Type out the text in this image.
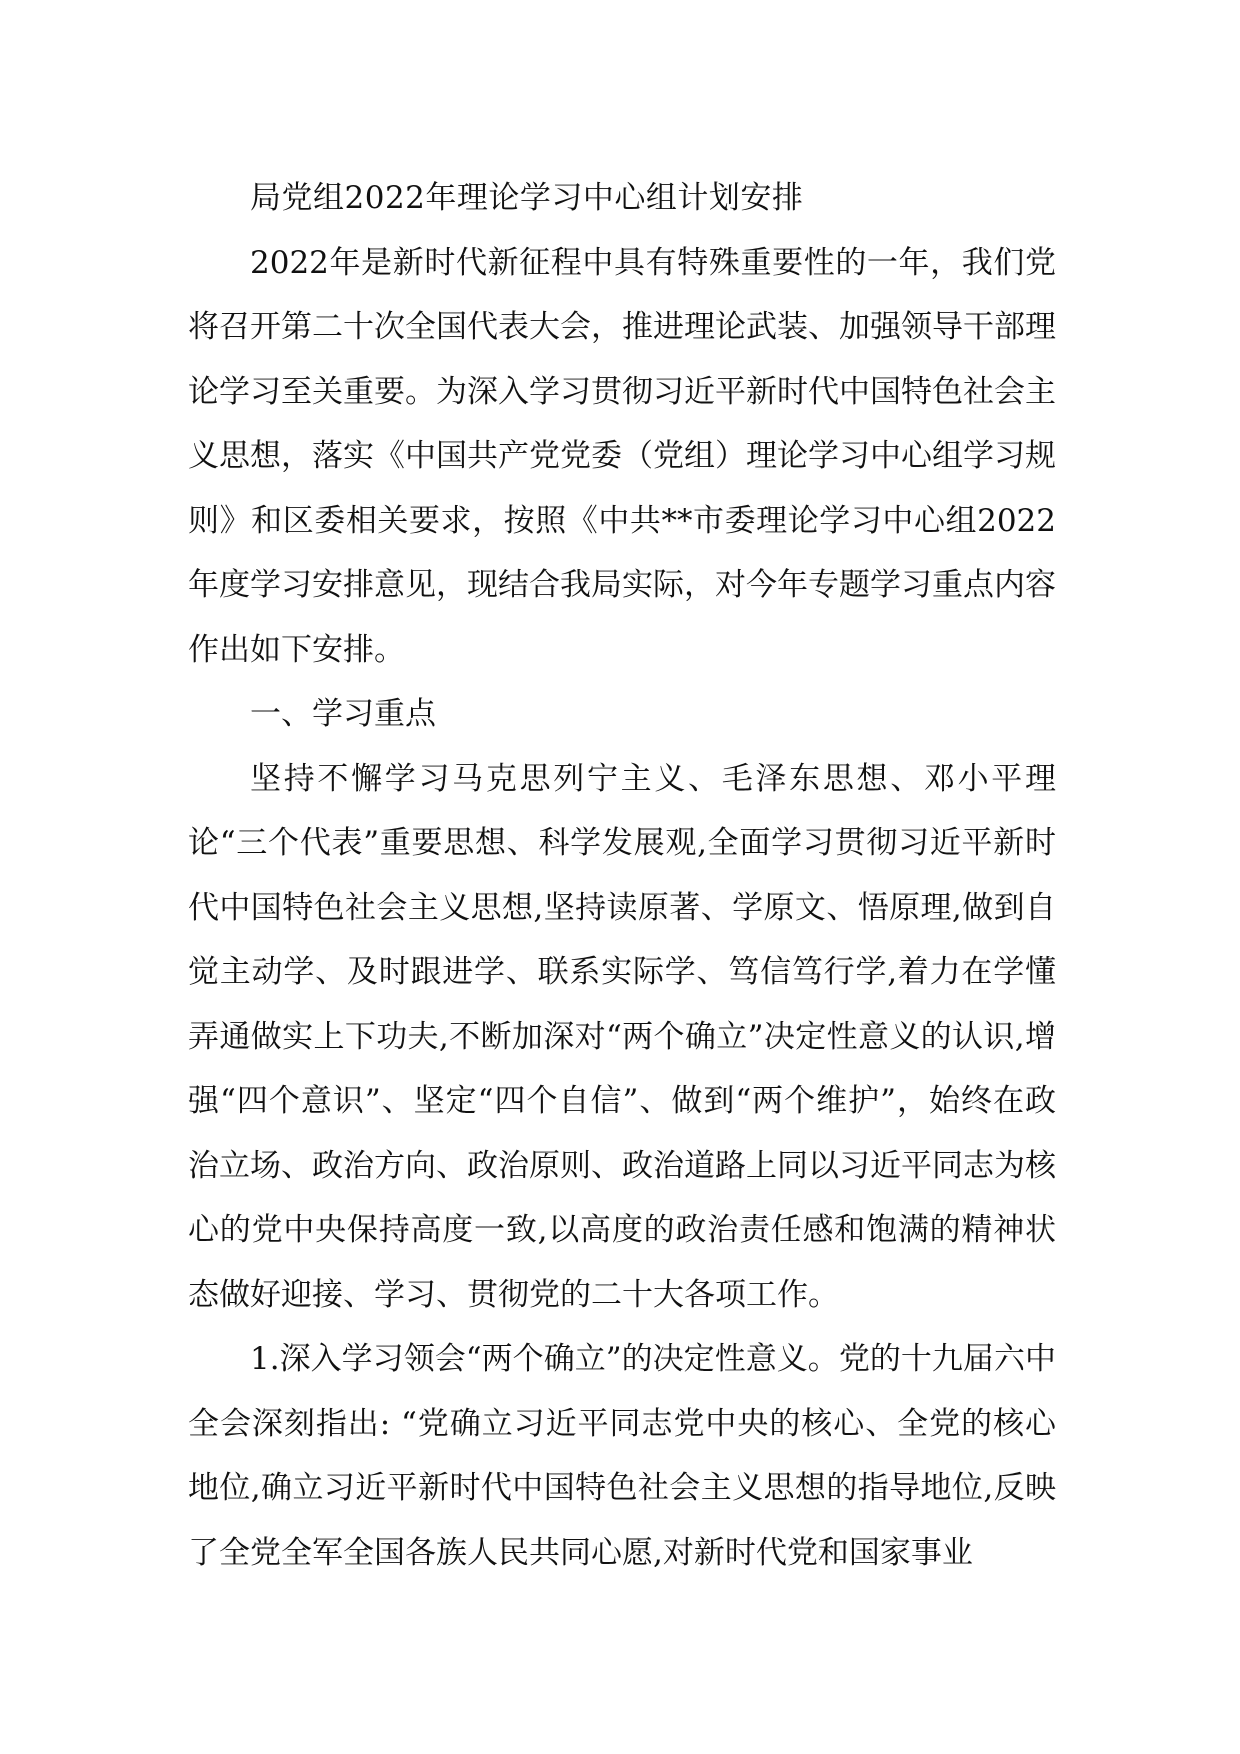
局党组2022年理论学习中心组计划安排

2022年是新时代新征程中具有特殊重要性的一年，我们党将召开第二十次全国代表大会，推进理论武装、加强领导干部理论学习至关重要。为深入学习贯彻习近平新时代中国特色社会主义思想，落实《中国共产党党委（党组）理论学习中心组学习规则》和区委相关要求，按照《中共**市委理论学习中心组2022年度学习安排意见，现结合我局实际，对今年专题学习重点内容作出如下安排。

一、学习重点

坚持不懈学习马克思列宁主义、毛泽东思想、邓小平理论“三个代表”重要思想、科学发展观,全面学习贯彻习近平新时代中国特色社会主义思想,坚持读原著、学原文、悟原理,做到自觉主动学、及时跟进学、联系实际学、笃信笃行学,着力在学懂弄通做实上下功夫,不断加深对“两个确立”决定性意义的认识,增强“四个意识”、坚定“四个自信”、做到“两个维护”，始终在政治立场、政治方向、政治原则、政治道路上同以习近平同志为核心的党中央保持高度一致,以高度的政治责任感和饱满的精神状态做好迎接、学习、贯彻党的二十大各项工作。

1.深入学习领会“两个确立”的决定性意义。党的十九届六中全会深刻指出: “党确立习近平同志党中央的核心、全党的核心地位,确立习近平新时代中国特色社会主义思想的指导地位,反映了全党全军全国各族人民共同心愿,对新时代党和国家事业
